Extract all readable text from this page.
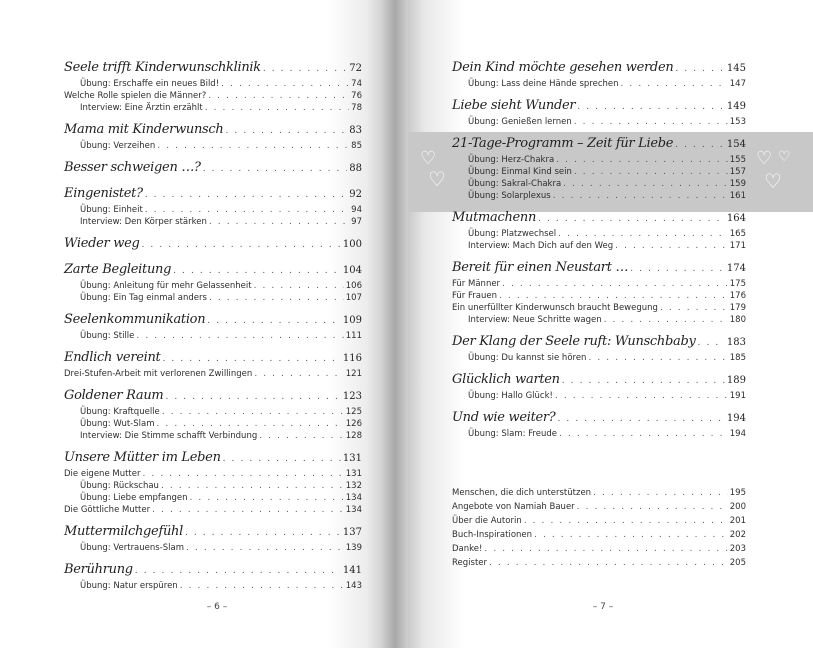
Seele trifft Kinderwunschklinik . . .	72
Übung: Erschaffe ein neues Bild! . . .	74
Welche Rolle spielen die Männer? . . .	76
Interview: Eine Ärztin erzählt . . .	78
Mama mit Kinderwunsch . . .	83
Übung: Verzeihen . . .	85
Besser schweigen …? . . .	88
Eingenistet? . . .	92
Übung: Einheit . . .	94
Interview: Den Körper stärken . . .	97
Wieder weg . . .	100
Zarte Begleitung . . .	104
Übung: Anleitung für mehr Gelassenheit . . .	106
Übung: Ein Tag einmal anders . . .	107
Seelenkommunikation . . .	109
Übung: Stille . . .	111
Endlich vereint . . .	116
Drei-Stufen-Arbeit mit verlorenen Zwillingen . . .	121
Goldener Raum . . .	123
Übung: Kraftquelle . . .	125
Übung: Wut-Slam . . .	126
Interview: Die Stimme schafft Verbindung . . .	128
Unsere Mütter im Leben . . .	131
Die eigene Mutter . . .	131
Übung: Rückschau . . .	132
Übung: Liebe empfangen . . .	134
Die Göttliche Mutter . . .	134
Muttermilchgefühl . . .	137
Übung: Vertrauens-Slam . . .	139
Berührung . . .	141
Übung: Natur erspüren . . .	143
– 6 –
♡
♡
♡ ♡
♡
Dein Kind möchte gesehen werden . . .	145
Übung: Lass deine Hände sprechen . . .	147
Liebe sieht Wunder . . .	149
Übung: Genießen lernen . . .	153
21-Tage-Programm – Zeit für Liebe . . .	154
Übung: Herz-Chakra . . .	155
Übung: Einmal Kind sein . . .	157
Übung: Sakral-Chakra . . .	159
Übung: Solarplexus . . .	161
Mutmachenn . . .	164
Übung: Platzwechsel . . .	165
Interview: Mach Dich auf den Weg . . .	171
Bereit für einen Neustart … . . .	174
Für Männer . . .	175
Für Frauen . . .	176
Ein unerfüllter Kinderwunsch braucht Bewegung . . .	179
Interview: Neue Schritte wagen . . .	180
Der Klang der Seele ruft: Wunschbaby . . .	183
Übung: Du kannst sie hören . . .	185
Glücklich warten . . .	189
Übung: Hallo Glück! . . .	191
Und wie weiter? . . .	194
Übung: Slam: Freude . . .	194
Menschen, die dich unterstützen . . .	195
Angebote von Namiah Bauer . . .	200
Über die Autorin . . .	201
Buch-Inspirationen . . .	202
Danke! . . .	203
Register . . .	205
– 7 –
